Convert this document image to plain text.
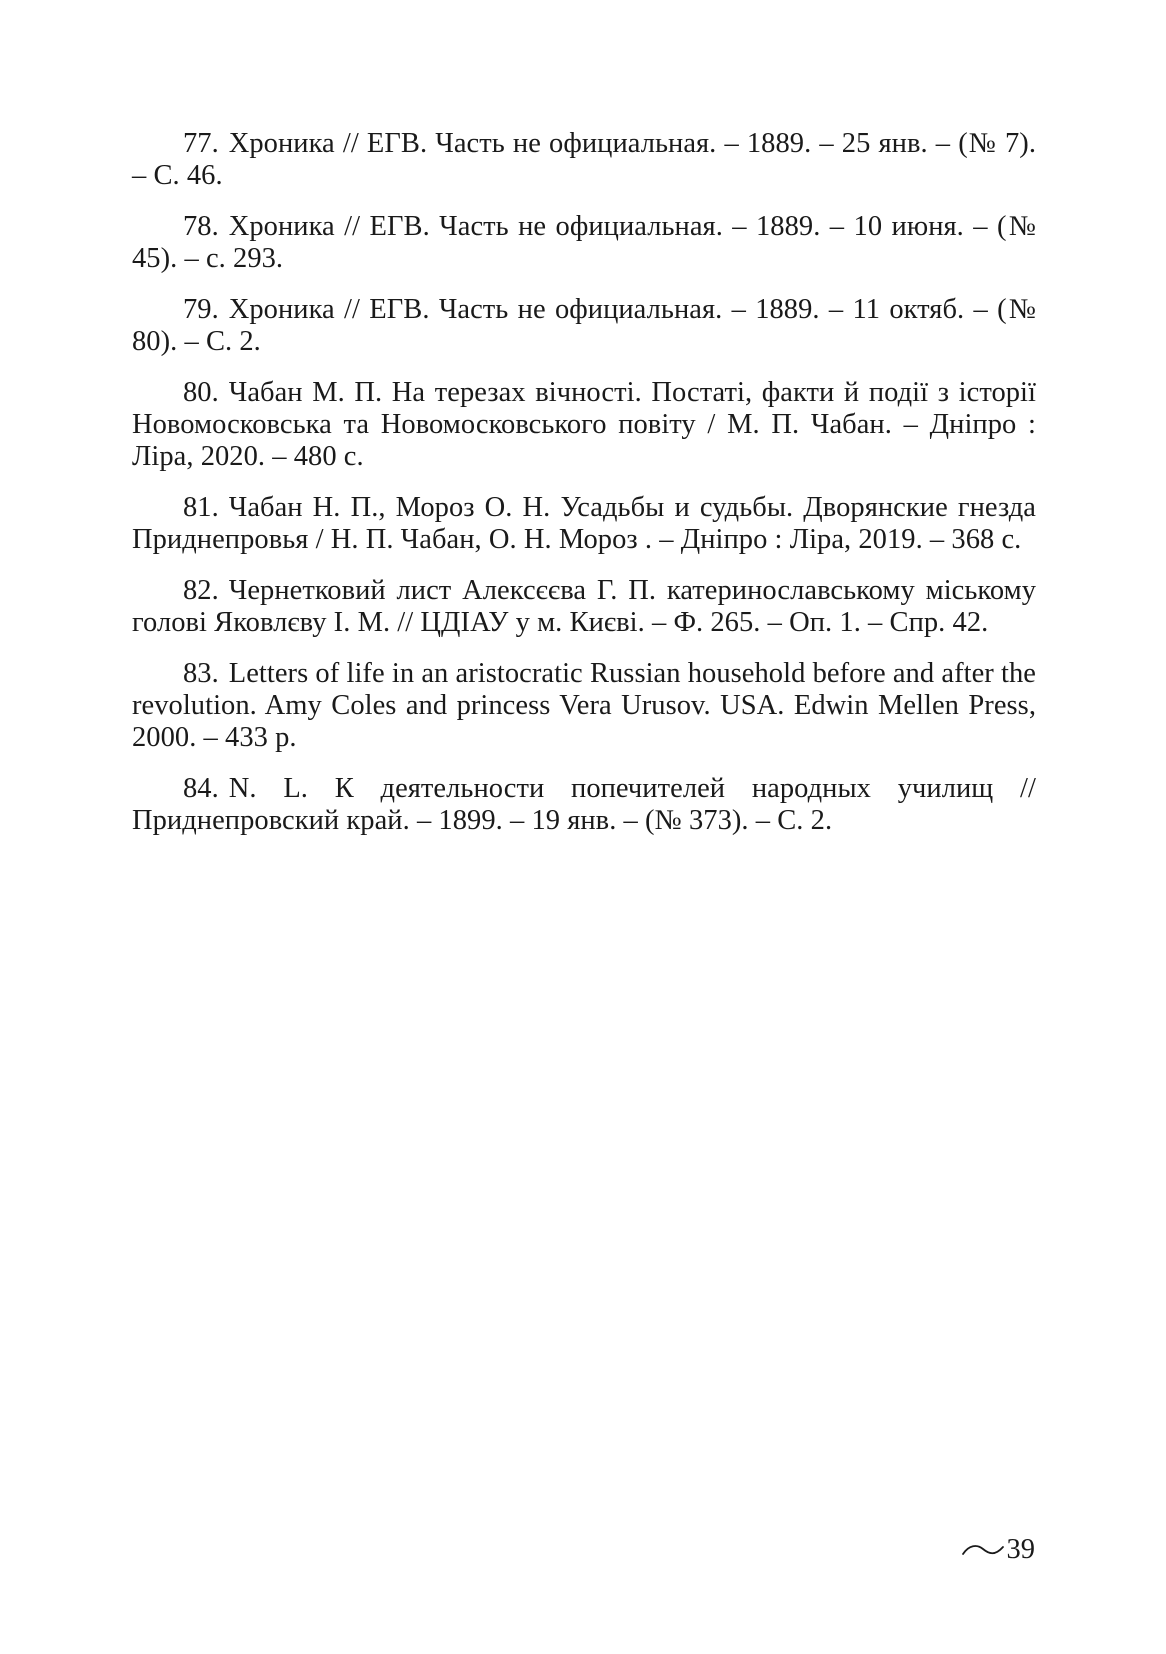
77. Хроника // ЕГВ. Часть не официальная. – 1889. – 25 янв. – (№ 7). – С. 46.
78. Хроника // ЕГВ. Часть не официальная. – 1889. – 10 июня. – (№ 45). – с. 293.
79. Хроника // ЕГВ. Часть не официальная. – 1889. – 11 октяб. – (№ 80). – С. 2.
80. Чабан М. П. На терезах вічності. Постаті, факти й події з історії Новомосковська та Новомосковського повіту / М. П. Чабан. – Дніпро : Ліра, 2020. – 480 с.
81. Чабан Н. П., Мороз О. Н. Усадьбы и судьбы. Дворянские гнезда Приднепровья / Н. П. Чабан, О. Н. Мороз . – Дніпро : Ліра, 2019. – 368 с.
82. Чернетковий лист Алексєєва Г. П. катеринославському міському голові Яковлєву І. М. // ЦДІАУ у м. Києві. – Ф. 265. – Оп. 1. – Спр. 42.
83. Letters of life in an aristocratic Russian household before and after the revolution. Amy Coles and princess Vera Urusov. USA. Edwin Mellen Press, 2000. – 433 p.
84. N. L. К деятельности попечителей народных училищ // Приднепровский край. – 1899. – 19 янв. – (№ 373). – С. 2.
39
